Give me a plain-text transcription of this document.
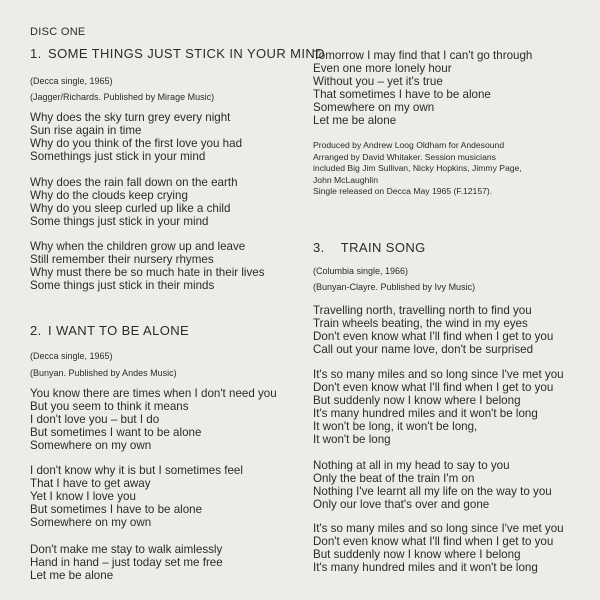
DISC ONE
1. SOME THINGS JUST STICK IN YOUR MIND
(Decca single, 1965)
(Jagger/Richards. Published by Mirage Music)
Why does the sky turn grey every night
Sun rise again in time
Why do you think of the first love you had
Somethings just stick in your mind
Why does the rain fall down on the earth
Why do the clouds keep crying
Why do you sleep curled up like a child
Some things just stick in your mind
Why when the children grow up and leave
Still remember their nursery rhymes
Why must there be so much hate in their lives
Some things just stick in their minds
2. I WANT TO BE ALONE
(Decca single, 1965)
(Bunyan. Published by Andes Music)
You know there are times when I don't need you
But you seem to think it means
I don't love you – but I do
But sometimes I want to be alone
Somewhere on my own
I don't know why it is but I sometimes feel
That I have to get away
Yet I know I love you
But sometimes I have to be alone
Somewhere on my own
Don't make me stay to walk aimlessly
Hand in hand – just today set me free
Let me be alone
Tomorrow I may find that I can't go through
Even one more lonely hour
Without you – yet it's true
That sometimes I have to be alone
Somewhere on my own
Let me be alone
Produced by Andrew Loog Oldham for Andesound
Arranged by David Whitaker. Session musicians
included Big Jim Sullivan, Nicky Hopkins, Jimmy Page,
John McLaughlin
Single released on Decca May 1965 (F.12157).
3. TRAIN SONG
(Columbia single, 1966)
(Bunyan-Clayre. Published by Ivy Music)
Travelling north, travelling north to find you
Train wheels beating, the wind in my eyes
Don't even know what I'll find when I get to you
Call out your name love, don't be surprised
It's so many miles and so long since I've met you
Don't even know what I'll find when I get to you
But suddenly now I know where I belong
It's many hundred miles and it won't be long
It won't be long, it won't be long,
It won't be long
Nothing at all in my head to say to you
Only the beat of the train I'm on
Nothing I've learnt all my life on the way to you
Only our love that's over and gone
It's so many miles and so long since I've met you
Don't even know what I'll find when I get to you
But suddenly now I know where I belong
It's many hundred miles and it won't be long
